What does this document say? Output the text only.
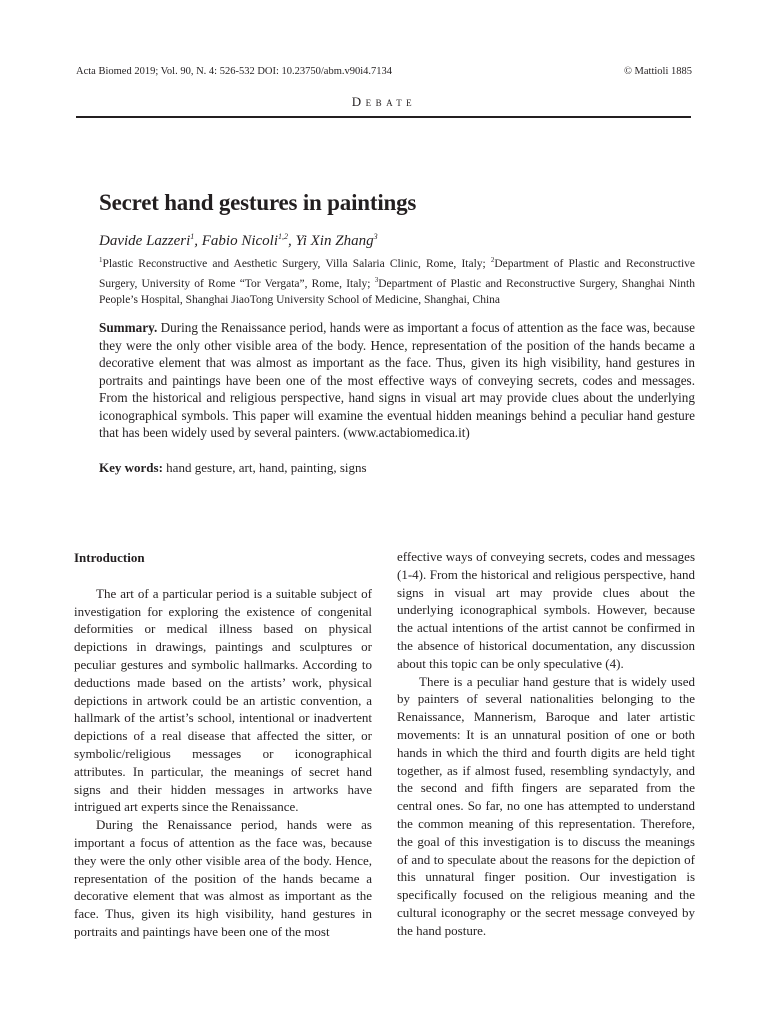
Acta Biomed 2019; Vol. 90, N. 4: 526-532 DOI: 10.23750/abm.v90i4.7134	© Mattioli 1885
Debate
Secret hand gestures in paintings
Davide Lazzeri$^1$, Fabio Nicoli$^{1,2}$, Yi Xin Zhang$^3$
$^1$Plastic Reconstructive and Aesthetic Surgery, Villa Salaria Clinic, Rome, Italy; $^2$Department of Plastic and Reconstructive Surgery, University of Rome “Tor Vergata”, Rome, Italy; $^3$Department of Plastic and Reconstructive Surgery, Shanghai Ninth People’s Hospital, Shanghai JiaoTong University School of Medicine, Shanghai, China
Summary. During the Renaissance period, hands were as important a focus of attention as the face was, because they were the only other visible area of the body. Hence, representation of the position of the hands became a decorative element that was almost as important as the face. Thus, given its high visibility, hand gestures in portraits and paintings have been one of the most effective ways of conveying secrets, codes and messages. From the historical and religious perspective, hand signs in visual art may provide clues about the underlying iconographical symbols. This paper will examine the eventual hidden meanings behind a peculiar hand gesture that has been widely used by several painters. (www.actabiomedica.it)
Key words: hand gesture, art, hand, painting, signs
Introduction

The art of a particular period is a suitable subject of investigation for exploring the existence of congenital deformities or medical illness based on physical depictions in drawings, paintings and sculptures or peculiar gestures and symbolic hallmarks. According to deductions made based on the artists’ work, physical depictions in artwork could be an artistic convention, a hallmark of the artist’s school, intentional or inadvertent depictions of a real disease that affected the sitter, or symbolic/religious messages or iconographical attributes. In particular, the meanings of secret hand signs and their hidden messages in artworks have intrigued art experts since the Renaissance.

During the Renaissance period, hands were as important a focus of attention as the face was, because they were the only other visible area of the body. Hence, representation of the position of the hands became a decorative element that was almost as important as the face. Thus, given its high visibility, hand gestures in portraits and paintings have been one of the most

effective ways of conveying secrets, codes and messages (1-4). From the historical and religious perspective, hand signs in visual art may provide clues about the underlying iconographical symbols. However, because the actual intentions of the artist cannot be confirmed in the absence of historical documentation, any discussion about this topic can be only speculative (4).

There is a peculiar hand gesture that is widely used by painters of several nationalities belonging to the Renaissance, Mannerism, Baroque and later artistic movements: It is an unnatural position of one or both hands in which the third and fourth digits are held tight together, as if almost fused, resembling syndactyly, and the second and fifth fingers are separated from the central ones. So far, no one has attempted to understand the common meaning of this representation. Therefore, the goal of this investigation is to discuss the meanings of and to speculate about the reasons for the depiction of this unnatural finger position. Our investigation is specifically focused on the religious meaning and the cultural iconography or the secret message conveyed by the hand posture.
